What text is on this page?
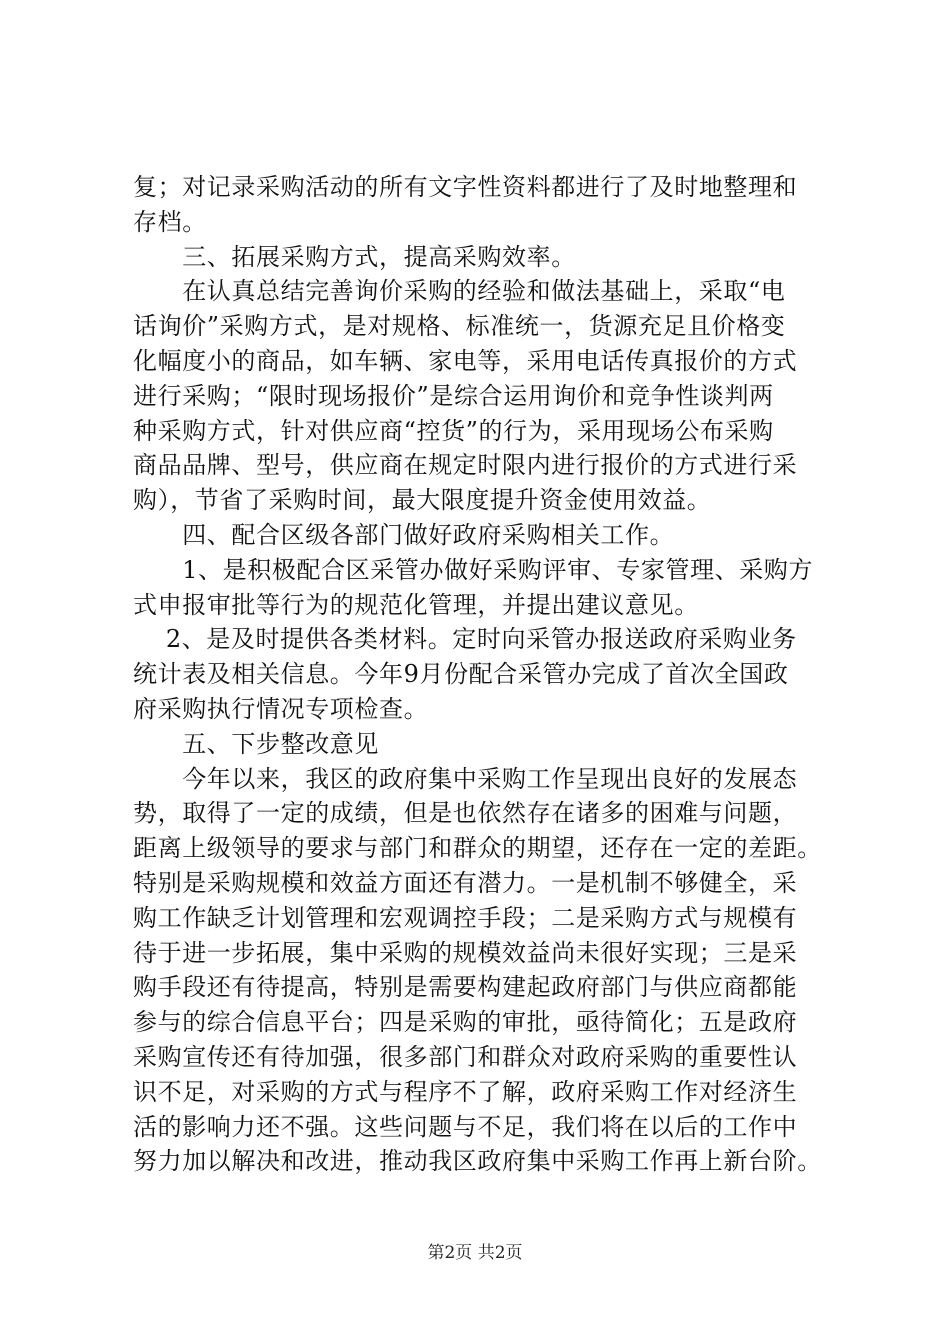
复；对记录采购活动的所有文字性资料都进行了及时地整理和
存档。
　　三、拓展采购方式，提高采购效率。
　　在认真总结完善询价采购的经验和做法基础上，采取“电
话询价”采购方式，是对规格、标准统一，货源充足且价格变
化幅度小的商品，如车辆、家电等，采用电话传真报价的方式
进行采购；“限时现场报价”是综合运用询价和竞争性谈判两
种采购方式，针对供应商“控货”的行为，采用现场公布采购
商品品牌、型号，供应商在规定时限内进行报价的方式进行采
购），节省了采购时间，最大限度提升资金使用效益。
　　四、配合区级各部门做好政府采购相关工作。
　　1、是积极配合区采管办做好采购评审、专家管理、采购方
式申报审批等行为的规范化管理，并提出建议意见。
　 2、是及时提供各类材料。定时向采管办报送政府采购业务
统计表及相关信息。今年9月份配合采管办完成了首次全国政
府采购执行情况专项检查。
　　五、下步整改意见
　　今年以来，我区的政府集中采购工作呈现出良好的发展态
势，取得了一定的成绩，但是也依然存在诸多的困难与问题，
距离上级领导的要求与部门和群众的期望，还存在一定的差距。
特别是采购规模和效益方面还有潜力。一是机制不够健全，采
购工作缺乏计划管理和宏观调控手段；二是采购方式与规模有
待于进一步拓展，集中采购的规模效益尚未很好实现；三是采
购手段还有待提高，特别是需要构建起政府部门与供应商都能
参与的综合信息平台；四是采购的审批，亟待简化；五是政府
采购宣传还有待加强，很多部门和群众对政府采购的重要性认
识不足，对采购的方式与程序不了解，政府采购工作对经济生
活的影响力还不强。这些问题与不足，我们将在以后的工作中
努力加以解决和改进，推动我区政府集中采购工作再上新台阶。
第2页 共2页
